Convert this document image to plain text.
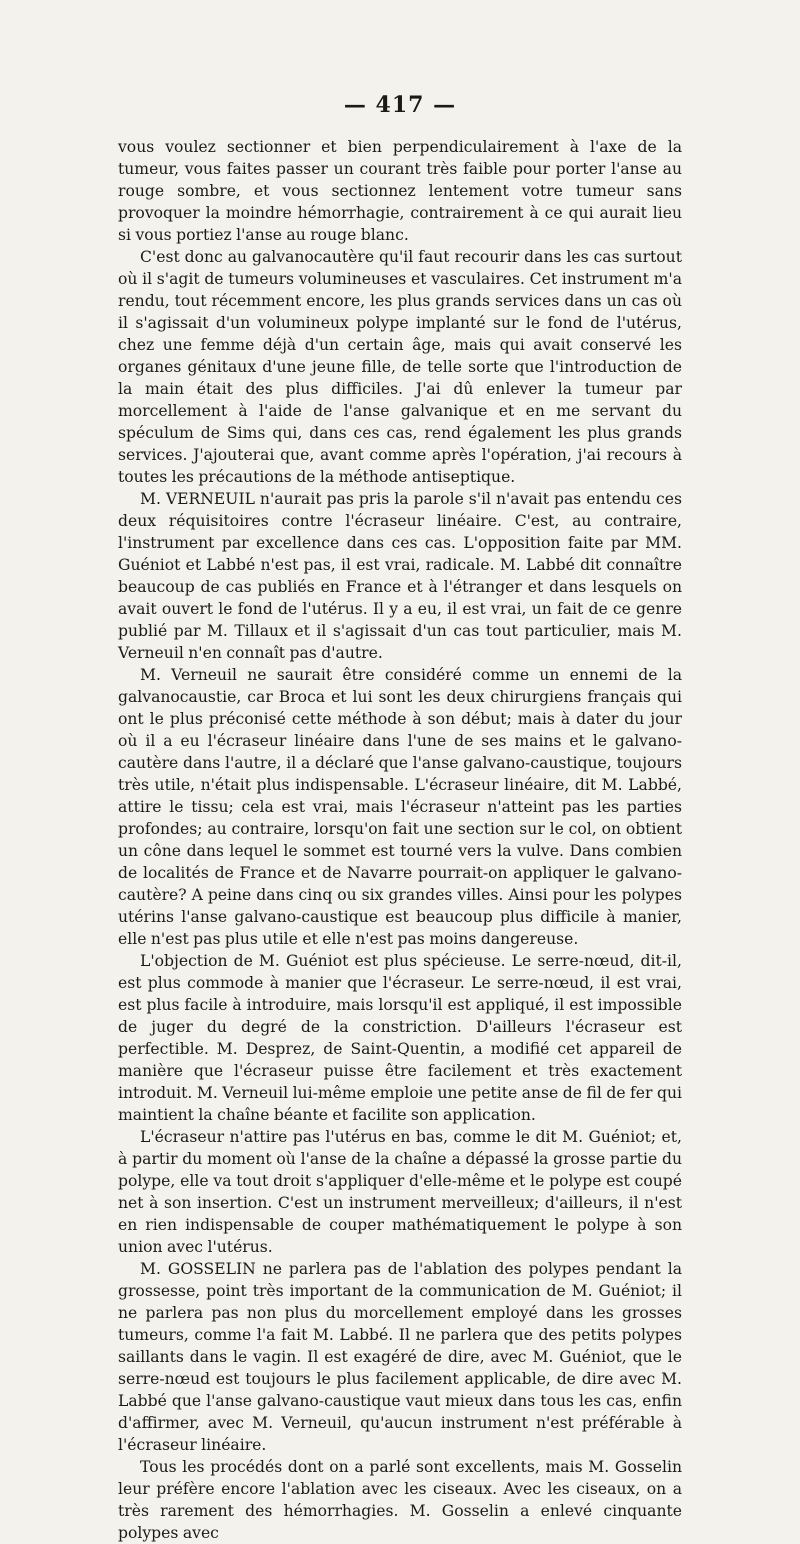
— 417 —

vous voulez sectionner et bien perpendiculairement à l'axe de la tumeur, vous faites passer un courant très faible pour porter l'anse au rouge sombre, et vous sectionnez lentement votre tumeur sans provoquer la moindre hémorrhagie, contrairement à ce qui aurait lieu si vous portiez l'anse au rouge blanc.

C'est donc au galvanocautère qu'il faut recourir dans les cas surtout où il s'agit de tumeurs volumineuses et vasculaires. Cet instrument m'a rendu, tout récemment encore, les plus grands services dans un cas où il s'agissait d'un volumineux polype implanté sur le fond de l'utérus, chez une femme déjà d'un certain âge, mais qui avait conservé les organes génitaux d'une jeune fille, de telle sorte que l'introduction de la main était des plus difficiles. J'ai dû enlever la tumeur par morcellement à l'aide de l'anse galvanique et en me servant du spéculum de Sims qui, dans ces cas, rend également les plus grands services. J'ajouterai que, avant comme après l'opération, j'ai recours à toutes les précautions de la méthode antiseptique.

M. VERNEUIL n'aurait pas pris la parole s'il n'avait pas entendu ces deux réquisitoires contre l'écraseur linéaire. C'est, au contraire, l'instrument par excellence dans ces cas. L'opposition faite par MM. Guéniot et Labbé n'est pas, il est vrai, radicale. M. Labbé dit connaître beaucoup de cas publiés en France et à l'étranger et dans lesquels on avait ouvert le fond de l'utérus. Il y a eu, il est vrai, un fait de ce genre publié par M. Tillaux et il s'agissait d'un cas tout particulier, mais M. Verneuil n'en connaît pas d'autre.

M. Verneuil ne saurait être considéré comme un ennemi de la galvanocaustie, car Broca et lui sont les deux chirurgiens français qui ont le plus préconisé cette méthode à son début; mais à dater du jour où il a eu l'écraseur linéaire dans l'une de ses mains et le galvano-cautère dans l'autre, il a déclaré que l'anse galvano-caustique, toujours très utile, n'était plus indispensable. L'écraseur linéaire, dit M. Labbé, attire le tissu; cela est vrai, mais l'écraseur n'atteint pas les parties profondes; au contraire, lorsqu'on fait une section sur le col, on obtient un cône dans lequel le sommet est tourné vers la vulve. Dans combien de localités de France et de Navarre pourrait-on appliquer le galvano-cautère? A peine dans cinq ou six grandes villes. Ainsi pour les polypes utérins l'anse galvano-caustique est beaucoup plus difficile à manier, elle n'est pas plus utile et elle n'est pas moins dangereuse.

L'objection de M. Guéniot est plus spécieuse. Le serre-nœud, dit-il, est plus commode à manier que l'écraseur. Le serre-nœud, il est vrai, est plus facile à introduire, mais lorsqu'il est appliqué, il est impossible de juger du degré de la constriction. D'ailleurs l'écraseur est perfectible. M. Desprez, de Saint-Quentin, a modifié cet appareil de manière que l'écraseur puisse être facilement et très exactement introduit. M. Verneuil lui-même emploie une petite anse de fil de fer qui maintient la chaîne béante et facilite son application.

L'écraseur n'attire pas l'utérus en bas, comme le dit M. Guéniot; et, à partir du moment où l'anse de la chaîne a dépassé la grosse partie du polype, elle va tout droit s'appliquer d'elle-même et le polype est coupé net à son insertion. C'est un instrument merveilleux; d'ailleurs, il n'est en rien indispensable de couper mathématiquement le polype à son union avec l'utérus.

M. GOSSELIN ne parlera pas de l'ablation des polypes pendant la grossesse, point très important de la communication de M. Guéniot; il ne parlera pas non plus du morcellement employé dans les grosses tumeurs, comme l'a fait M. Labbé. Il ne parlera que des petits polypes saillants dans le vagin. Il est exagéré de dire, avec M. Guéniot, que le serre-nœud est toujours le plus facilement applicable, de dire avec M. Labbé que l'anse galvano-caustique vaut mieux dans tous les cas, enfin d'affirmer, avec M. Verneuil, qu'aucun instrument n'est préférable à l'écraseur linéaire.

Tous les procédés dont on a parlé sont excellents, mais M. Gosselin leur préfère encore l'ablation avec les ciseaux. Avec les ciseaux, on a très rarement des hémorrhagies. M. Gosselin a enlevé cinquante polypes avec
